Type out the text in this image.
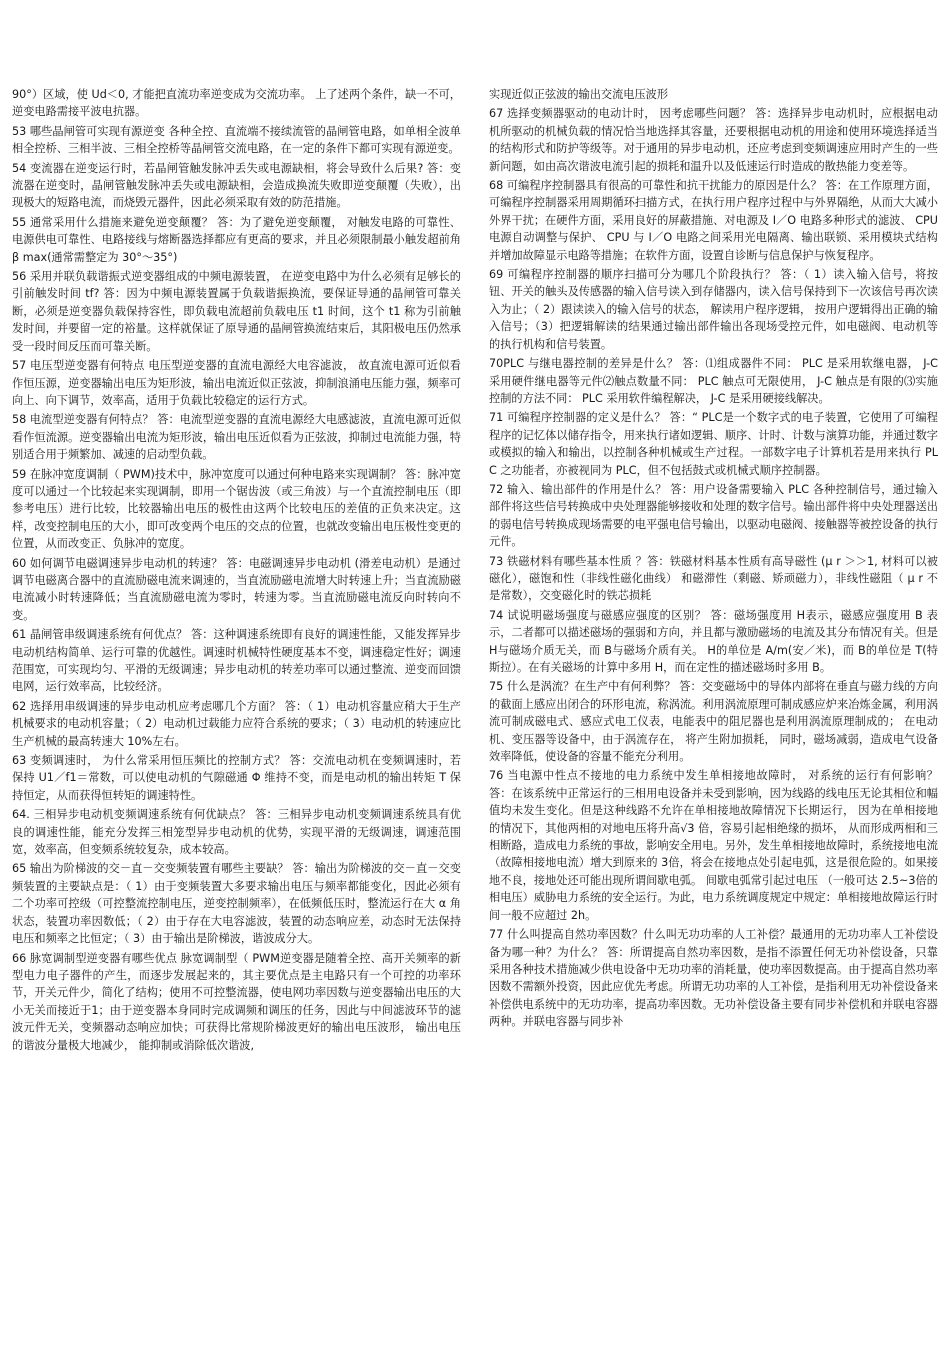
90°）区域，使 Ud＜0, 才能把直流功率逆变成为交流功率。 上了述两个条件，缺一不可，逆变电路需接平波电抗器。

53 哪些晶闸管可实现有源逆变 各种全控、直流端不接续流管的晶闸管电路，如单相全波单相全控桥、三相半波、三相全控桥等晶闸管交流电路，在一定的条件下都可实现有源逆变。

54 变流器在逆变运行时，若晶闸管触发脉冲丢失或电源缺相，将会导致什么后果? 答：变流器在逆变时，晶闸管触发脉冲丢失或电源缺相，会造成换流失败即逆变颠覆（失败），出现极大的短路电流，而烧毁元器件，因此必须采取有效的防范措施。

55 通常采用什么措施来避免逆变颠覆？ 答：为了避免逆变颠覆， 对触发电路的可靠性、电源供电可靠性、电路接线与熔断器选择都应有更高的要求，并且必须限制最小触发超前角 β max(通常需整定为 30°～35°)

56 采用并联负载谐振式逆变器组成的中频电源装置， 在逆变电路中为什么必须有足够长的引前触发时间 tf? 答：因为中频电源装置属于负载谐振换流，要保证导通的晶闸管可靠关断，必须是逆变器负载保持容性，即负载电流超前负载电压 t1 时间，这个 t1 称为引前触发时间，并要留一定的裕量。这样就保证了原导通的晶闸管换流结束后，其阳极电压仍然承受一段时间反压而可靠关断。

57 电压型逆变器有何特点 电压型逆变器的直流电源经大电容滤波， 故直流电源可近似看作恒压源，逆变器输出电压为矩形波，输出电流近似正弦波，抑制浪涌电压能力强，频率可向上、向下调节，效率高，适用于负载比较稳定的运行方式。

58 电流型逆变器有何特点？ 答：电流型逆变器的直流电源经大电感滤波，直流电源可近似看作恒流源。逆变器输出电流为矩形波，输出电压近似看为正弦波，抑制过电流能力强，特别适合用于频繁加、减速的启动型负载。

59 在脉冲宽度调制（ PWM)技术中，脉冲宽度可以通过何种电路来实现调制？ 答：脉冲宽度可以通过一个比较起来实现调制，即用一个锯齿波（或三角波）与一个直流控制电压（即参考电压）进行比较，比较器输出电压的极性由这两个比较电压的差值的正负来决定。这样，改变控制电压的大小，即可改变两个电压的交点的位置，也就改变输出电压极性变更的位置，从而改变正、负脉冲的宽度。

60 如何调节电磁调速异步电动机的转速？ 答：电磁调速异步电动机 (滑差电动机）是通过调节电磁离合器中的直流励磁电流来调速的，当直流励磁电流增大时转速上升；当直流励磁电流减小时转速降低；当直流励磁电流为零时，转速为零。当直流励磁电流反向时转向不变。

61 晶闸管串级调速系统有何优点？ 答：这种调速系统即有良好的调速性能，又能发挥异步电动机结构简单、运行可靠的优越性。调速时机械特性硬度基本不变，调速稳定性好；调速范围宽，可实现均匀、平滑的无级调速；异步电动机的转差功率可以通过整流、逆变而回馈电网，运行效率高，比较经济。

62 选择用串级调速的异步电动机应考虑哪几个方面？ 答：（ 1）电动机容量应稍大于生产机械要求的电动机容量；（ 2）电动机过载能力应符合系统的要求；（ 3）电动机的转速应比生产机械的最高转速大 10%左右。

63 变频调速时， 为什么常采用恒压频比的控制方式？ 答：交流电动机在变频调速时，若保持 U1／f1＝常数，可以使电动机的气隙磁通 Φ 维持不变，而是电动机的输出转矩 T 保持恒定，从而获得恒转矩的调速特性。

64. 三相异步电动机变频调速系统有何优缺点？ 答：三相异步电动机变频调速系统具有优良的调速性能，能充分发挥三相笼型异步电动机的优势，实现平滑的无级调速，调速范围宽，效率高，但变频系统较复杂，成本较高。

65 输出为阶梯波的交－直－交变频装置有哪些主要缺？ 答：输出为阶梯波的交－直－交变频装置的主要缺点是：（ 1）由于变频装置大多要求输出电压与频率都能变化，因此必须有二个功率可控级（可控整流控制电压，逆变控制频率），在低频低压时，整流运行在大 α 角状态，装置功率因数低；（ 2）由于存在大电容滤波，装置的动态响应差，动态时无法保持电压和频率之比恒定；（ 3）由于输出是阶梯波，谐波成分大。

66 脉宽调制型逆变器有哪些优点 脉宽调制型（ PWM逆变器是随着全控、高开关频率的新型电力电子器件的产生，而逐步发展起来的，其主要优点是主电路只有一个可控的功率环节，开关元件少，简化了结构；使用不可控整流器，使电网功率因数与逆变器输出电压的大小无关而接近于1；由于逆变器本身同时完成调频和调压的任务，因此与中间滤波环节的滤波元件无关，变频器动态响应加快；可获得比常规阶梯波更好的输出电压波形， 输出电压的谐波分量极大地减少， 能抑制或消除低次谐波,

实现近似正弦波的输出交流电压波形

67 选择变频器驱动的电动计时， 因考虑哪些问题？ 答：选择异步电动机时，应根据电动机所驱动的机械负载的情况恰当地选择其容量，还要根据电动机的用途和使用环境选择适当的结构形式和防护等级等。对于通用的异步电动机，还应考虑到变频调速应用时产生的一些新问题，如由高次谐波电流引起的损耗和温升以及低速运行时造成的散热能力变差等。

68 可编程序控制器具有很高的可靠性和抗干扰能力的原因是什么？ 答：在工作原理方面，可编程序控制器采用周期循环扫描方式，在执行用户程序过程中与外界隔绝，从而大大减小外界干扰；在硬件方面，采用良好的屏蔽措施、对电源及 I／O 电路多种形式的滤波、 CPU 电源自动调整与保护、 CPU 与 I／O 电路之间采用光电隔离、输出联锁、采用模块式结构并增加故障显示电路等措施；在软件方面，设置自诊断与信息保护与恢复程序。

69 可编程序控制器的顺序扫描可分为哪几个阶段执行？ 答：（ 1）读入输入信号，将按钮、开关的触头及传感器的输入信号读入到存储器内，读入信号保持到下一次该信号再次读入为止；（ 2）跟读读入的输入信号的状态， 解读用户程序逻辑， 按用户逻辑得出正确的输入信号；（3）把逻辑解读的结果通过输出部件输出各现场受控元件，如电磁阀、电动机等的执行机构和信号装置。

70PLC 与继电器控制的差异是什么？ 答：⑴组成器件不同： PLC 是采用软继电器， J-C 采用硬件继电器等元件⑵触点数量不同： PLC 触点可无限使用， J-C 触点是有限的⑶实施控制的方法不同： PLC 采用软件编程解决， J-C 是采用硬接线解决。

71 可编程序控制器的定义是什么？ 答：“ PLC是一个数字式的电子装置，它使用了可编程程序的记忆体以储存指令，用来执行诸如逻辑、顺序、计时、计数与演算功能，并通过数字或模拟的输入和输出，以控制各种机械或生产过程。一部数字电子计算机若是用来执行 PLC 之功能者，亦被视同为 PLC，但不包括鼓式或机械式顺序控制器。

72 输入、输出部件的作用是什么？ 答：用户设备需要输入 PLC 各种控制信号，通过输入部件将这些信号转换成中央处理器能够接收和处理的数字信号。输出部件将中央处理器送出的弱电信号转换成现场需要的电平强电信号输出，以驱动电磁阀、接触器等被控设备的执行元件。

73 铁磁材料有哪些基本性质 ？答：铁磁材料基本性质有高导磁性 (μ r ＞＞1, 材料可以被磁化），磁饱和性（非线性磁化曲线） 和磁滞性（剩磁、矫顽磁力），非线性磁阻（ μ r 不是常数），交变磁化时的铁芯损耗

74 试说明磁场强度与磁感应强度的区别？ 答：磁场强度用 H表示，磁感应强度用 B 表示，二者都可以描述磁场的强弱和方向，并且都与激励磁场的电流及其分布情况有关。但是 H与磁场介质无关，而 B与磁场介质有关。 H的单位是 A/m(安／米)，而 B的单位是 T(特斯拉）。在有关磁场的计算中多用 H，而在定性的描述磁场时多用 B。

75 什么是涡流？在生产中有何利弊？ 答：交变磁场中的导体内部将在垂直与磁力线的方向的截面上感应出闭合的环形电流，称涡流。利用涡流原理可制成感应炉来冶炼金属，利用涡流可制成磁电式、感应式电工仪表，电能表中的阻尼器也是利用涡流原理制成的； 在电动机、变压器等设备中，由于涡流存在， 将产生附加损耗， 同时，磁场减弱，造成电气设备效率降低，使设备的容量不能充分利用。

76 当电源中性点不接地的电力系统中发生单相接地故障时， 对系统的运行有何影响？ 答：在该系统中正常运行的三相用电设备并未受到影响，因为线路的线电压无论其相位和幅值均未发生变化。但是这种线路不允许在单相接地故障情况下长期运行， 因为在单相接地的情况下，其他两相的对地电压将升高√3 倍，容易引起相绝缘的损坏， 从而形成两相和三相断路，造成电力系统的事故，影响安全用电。另外，发生单相接地故障时，系统接地电流（故障相接地电流）增大到原来的 3倍，将会在接地点处引起电弧，这是很危险的。如果接地不良，接地处还可能出现所谓间歇电弧。 间歇电弧常引起过电压 （一般可达 2.5~3倍的相电压）威胁电力系统的安全运行。为此，电力系统调度规定中规定：单相接地故障运行时间一般不应超过 2h。

77 什么叫提高自然功率因数？什么叫无功功率的人工补偿？最通用的无功功率人工补偿设备为哪一种？为什么？ 答：所谓提高自然功率因数，是指不添置任何无功补偿设备，只靠采用各种技术措施减少供电设备中无功功率的消耗量，使功率因数提高。由于提高自然功率因数不需额外投资，因此应优先考虑。所谓无功功率的人工补偿，是指利用无功补偿设备来补偿供电系统中的无功功率，提高功率因数。无功补偿设备主要有同步补偿机和并联电容器两种。并联电容器与同步补
